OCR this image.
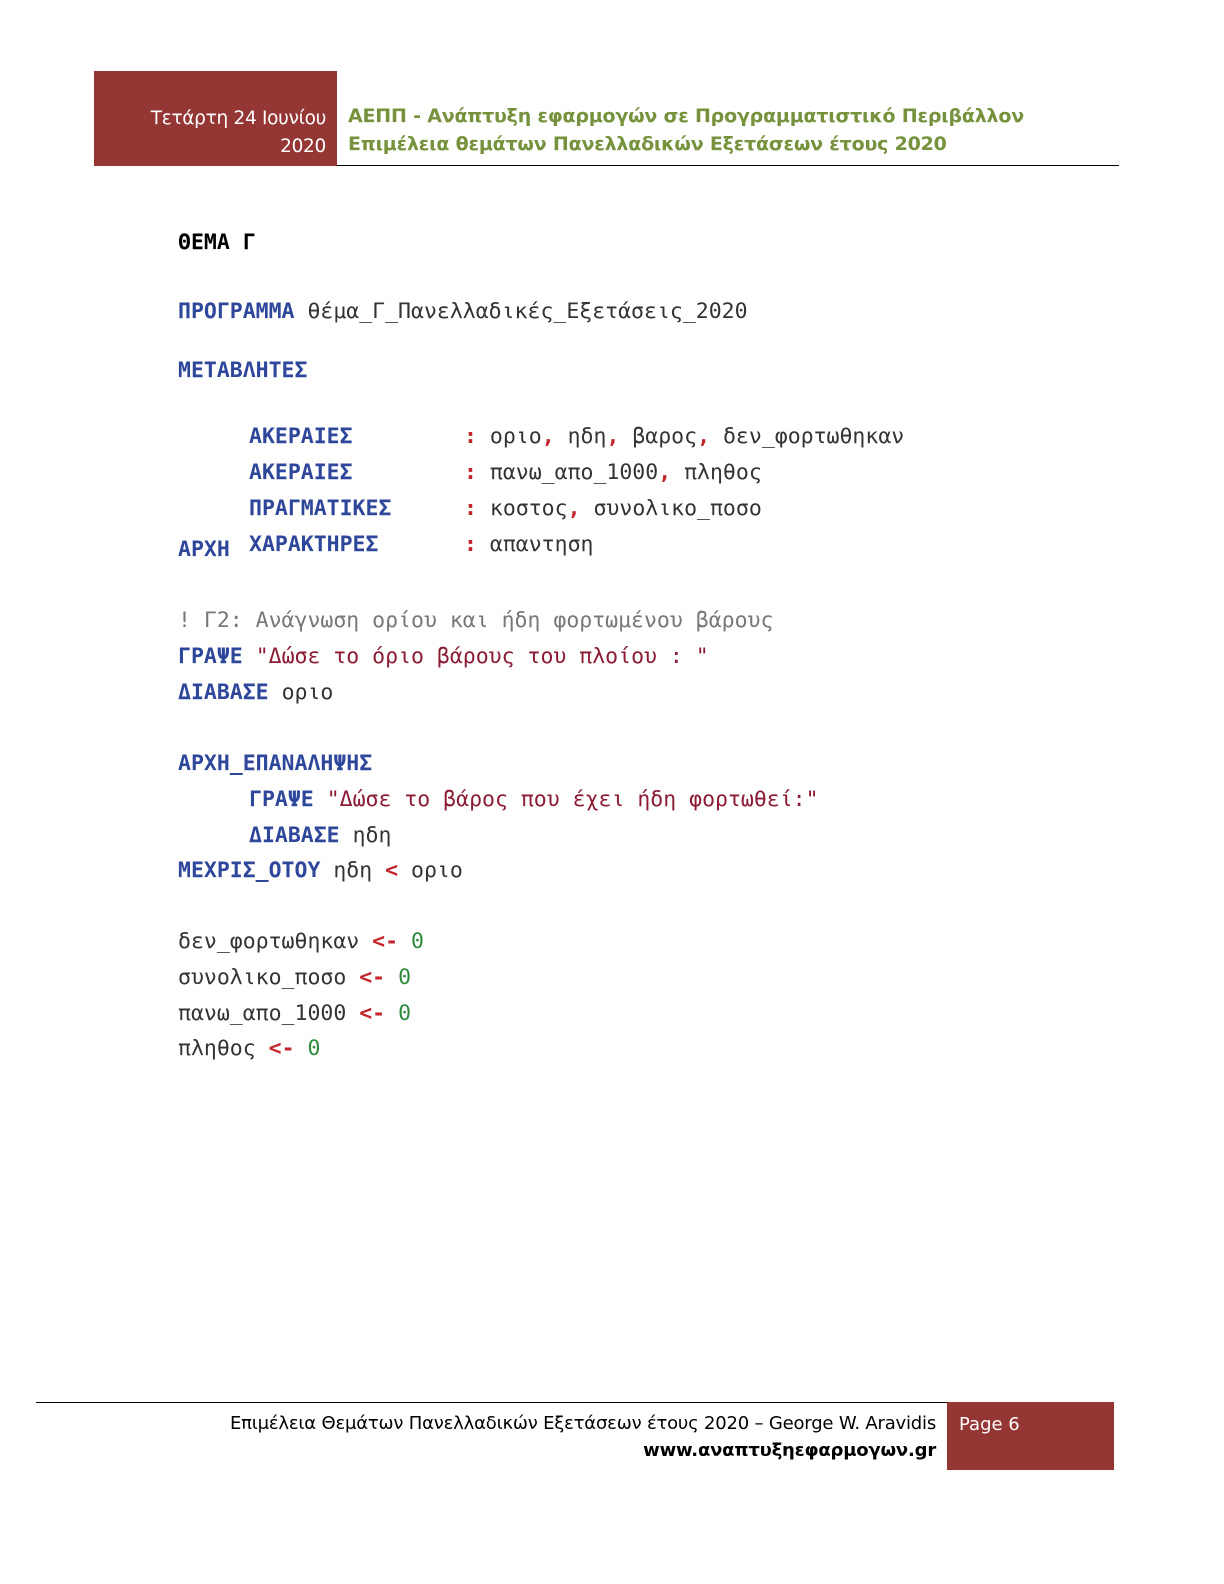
Τετάρτη 24 Ιουνίου
2020
ΑΕΠΠ - Ανάπτυξη εφαρμογών σε Προγραμματιστικό Περιβάλλον
Επιμέλεια θεμάτων Πανελλαδικών Εξετάσεων έτους 2020

ΘΕΜΑ Γ

ΠΡΟΓΡΑΜΜΑ θέμα_Γ_Πανελλαδικές_Εξετάσεις_2020

ΜΕΤΑΒΛΗΤΕΣ

ΑΚΕΡΑΙΕΣ	: οριο, ηδη, βαρος, δεν_φορτωθηκαν

ΑΚΕΡΑΙΕΣ	: πανω_απο_1000, πληθος

ΠΡΑΓΜΑΤΙΚΕΣ	: κοστος, συνολικο_ποσο

ΧΑΡΑΚΤΗΡΕΣ	: απαντηση

ΑΡΧΗ

! Γ2: Ανάγνωση ορίου και ήδη φορτωμένου βάρους

ΓΡΑΨΕ "Δώσε το όριο βάρους του πλοίου : "

ΔΙΑΒΑΣΕ οριο

ΑΡΧΗ_ΕΠΑΝΑΛΗΨΗΣ

ΓΡΑΨΕ "Δώσε το βάρος που έχει ήδη φορτωθεί:"

ΔΙΑΒΑΣΕ ηδη

ΜΕΧΡΙΣ_ΟΤΟΥ ηδη < οριο

δεν_φορτωθηκαν <- 0

συνολικο_ποσο <- 0

πανω_απο_1000 <- 0

πληθος <- 0

Επιμέλεια Θεμάτων Πανελλαδικών Εξετάσεων έτους 2020 – George W. Aravidis
www.αναπτυξηεφαρμογων.gr
Page 6
